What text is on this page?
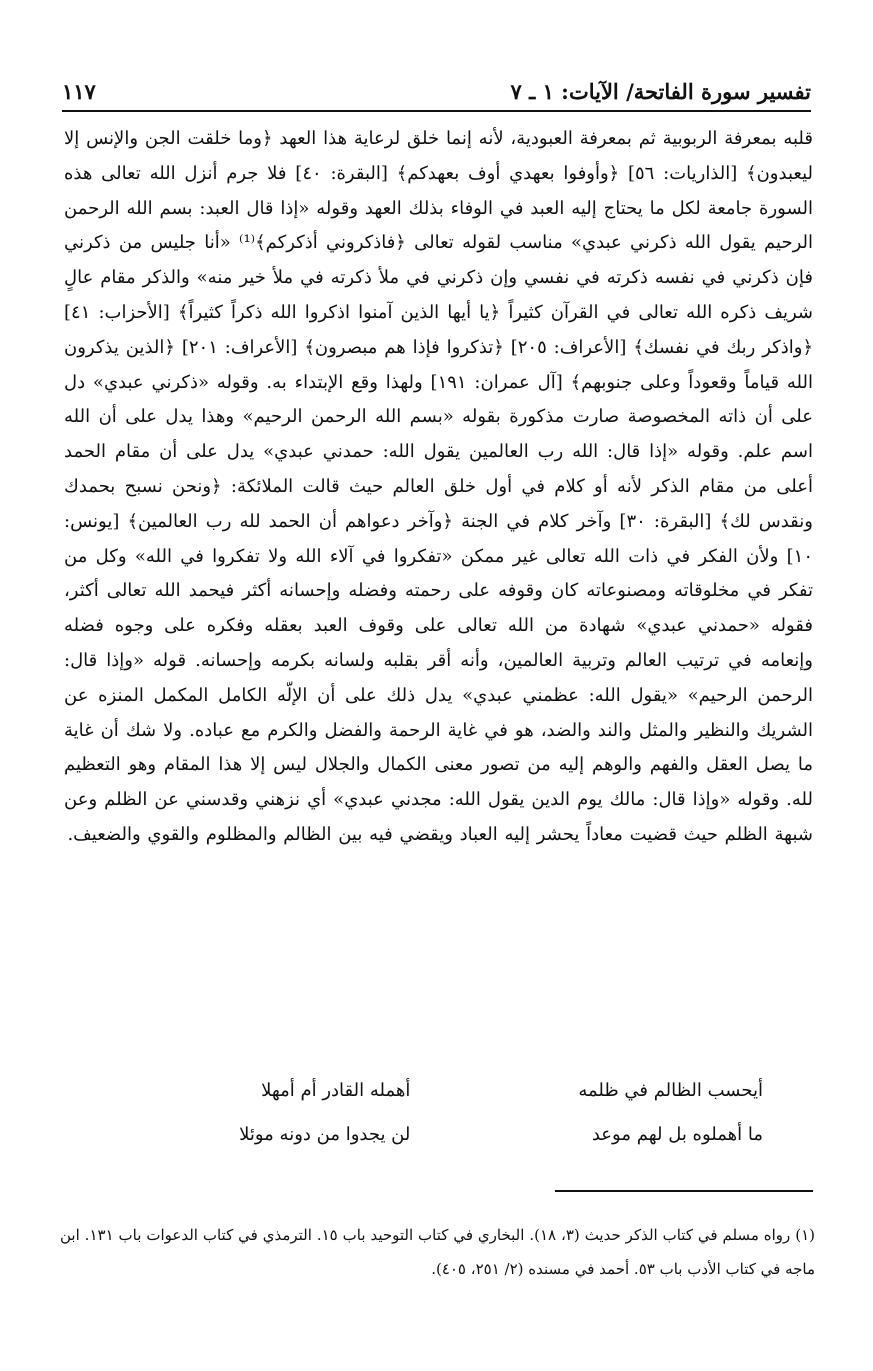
تفسير سورة الفاتحة/ الآيات: ١ ـ ٧
١١٧
قلبه بمعرفة الربوبية ثم بمعرفة العبودية، لأنه إنما خلق لرعاية هذا العهد ﴿وما خلقت الجن والإنس إلا ليعبدون﴾ [الذاريات: ٥٦] ﴿وأوفوا بعهدي أوف بعهدكم﴾ [البقرة: ٤٠] فلا جرم أنزل الله تعالى هذه السورة جامعة لكل ما يحتاج إليه العبد في الوفاء بذلك العهد وقوله «إذا قال العبد: بسم الله الرحمن الرحيم يقول الله ذكرني عبدي» مناسب لقوله تعالى ﴿فاذكروني أذكركم﴾⁽¹⁾ «أنا جليس من ذكرني فإن ذكرني في نفسه ذكرته في نفسي وإن ذكرني في ملأ ذكرته في ملأ خير منه» والذكر مقام عالٍ شريف ذكره الله تعالى في القرآن كثيراً ﴿يا أيها الذين آمنوا اذكروا الله ذكراً كثيراً﴾ [الأحزاب: ٤١] ﴿واذكر ربك في نفسك﴾ [الأعراف: ٢٠٥] ﴿تذكروا فإذا هم مبصرون﴾ [الأعراف: ٢٠١] ﴿الذين يذكرون الله قياماً وقعوداً وعلى جنوبهم﴾ [آل عمران: ١٩١] ولهذا وقع الإبتداء به. وقوله «ذكرني عبدي» دل على أن ذاته المخصوصة صارت مذكورة بقوله «بسم الله الرحمن الرحيم» وهذا يدل على أن الله اسم علم. وقوله «إذا قال: الله رب العالمين يقول الله: حمدني عبدي» يدل على أن مقام الحمد أعلى من مقام الذكر لأنه أو كلام في أول خلق العالم حيث قالت الملائكة: ﴿ونحن نسبح بحمدك ونقدس لك﴾ [البقرة: ٣٠] وآخر كلام في الجنة ﴿وآخر دعواهم أن الحمد لله رب العالمين﴾ [يونس: ١٠] ولأن الفكر في ذات الله تعالى غير ممكن «تفكروا في آلاء الله ولا تفكروا في الله» وكل من تفكر في مخلوقاته ومصنوعاته كان وقوفه على رحمته وفضله وإحسانه أكثر فيحمد الله تعالى أكثر، فقوله «حمدني عبدي» شهادة من الله تعالى على وقوف العبد بعقله وفكره على وجوه فضله وإنعامه في ترتيب العالم وتربية العالمين، وأنه أقر بقلبه ولسانه بكرمه وإحسانه. قوله «وإذا قال: الرحمن الرحيم» «يقول الله: عظمني عبدي» يدل ذلك على أن الإلّه الكامل المكمل المنزه عن الشريك والنظير والمثل والند والضد، هو في غاية الرحمة والفضل والكرم مع عباده. ولا شك أن غاية ما يصل العقل والفهم والوهم إليه من تصور معنى الكمال والجلال ليس إلا هذا المقام وهو التعظيم لله. وقوله «وإذا قال: مالك يوم الدين يقول الله: مجدني عبدي» أي نزهني وقدسني عن الظلم وعن شبهة الظلم حيث قضيت معاداً يحشر إليه العباد ويقضي فيه بين الظالم والمظلوم والقوي والضعيف.
أيحسب الظالم في ظلمه
أهمله القادر أم أمهلا
ما أهملوه بل لهم موعد
لن يجدوا من دونه موئلا
(١) رواه مسلم في كتاب الذكر حديث (٣، ١٨). البخاري في كتاب التوحيد باب ١٥. الترمذي في كتاب الدعوات باب ١٣١. ابن ماجه في كتاب الأدب باب ٥٣. أحمد في مسنده (٢/ ٢٥١، ٤٠٥).
